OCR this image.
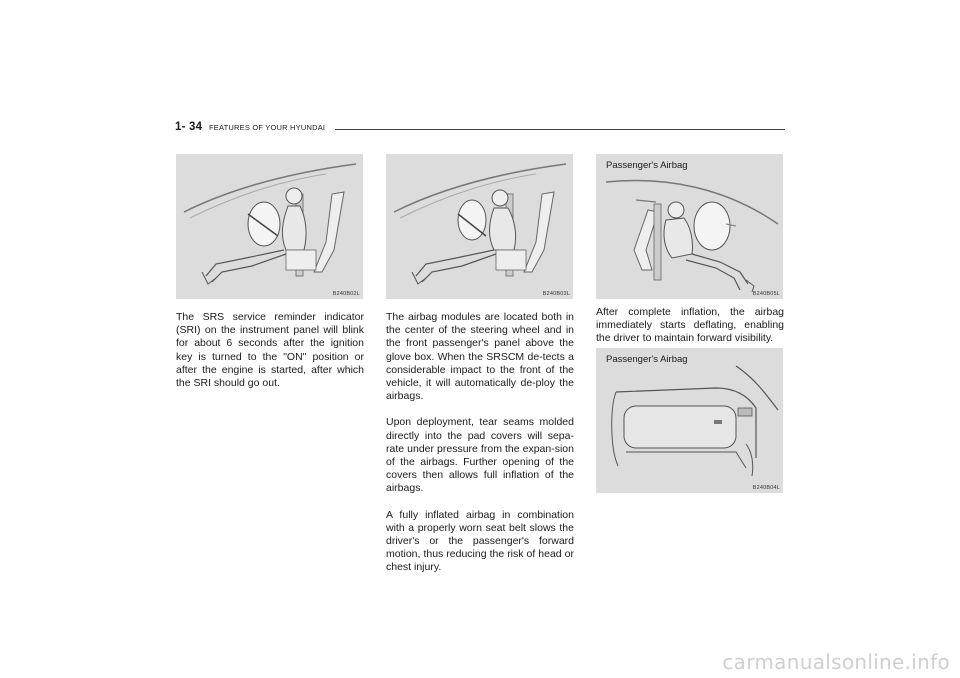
1- 34 FEATURES OF YOUR HYUNDAI
B240B02L	B240B03L
Passenger's Airbag
B240B05L
Passenger's Airbag
B240B04L

The SRS service reminder indicator (SRI) on the instrument panel will blink for about 6 seconds after the ignition key is turned to the "ON" position or after the engine is started, after which the SRI should go out.

The airbag modules are located both in the center of the steering wheel and in the front passenger's panel above the glove box. When the SRSCM de-tects a considerable impact to the front of the vehicle, it will automatically de-ploy the airbags.

Upon deployment, tear seams molded directly into the pad covers will sepa-rate under pressure from the expan-sion of the airbags. Further opening of the covers then allows full inflation of the airbags.

A fully inflated airbag in combination with a properly worn seat belt slows the driver's or the passenger's forward motion, thus reducing the risk of head or chest injury.

After complete inflation, the airbag immediately starts deflating, enabling the driver to maintain forward visibility.

carmanualsonline.info
